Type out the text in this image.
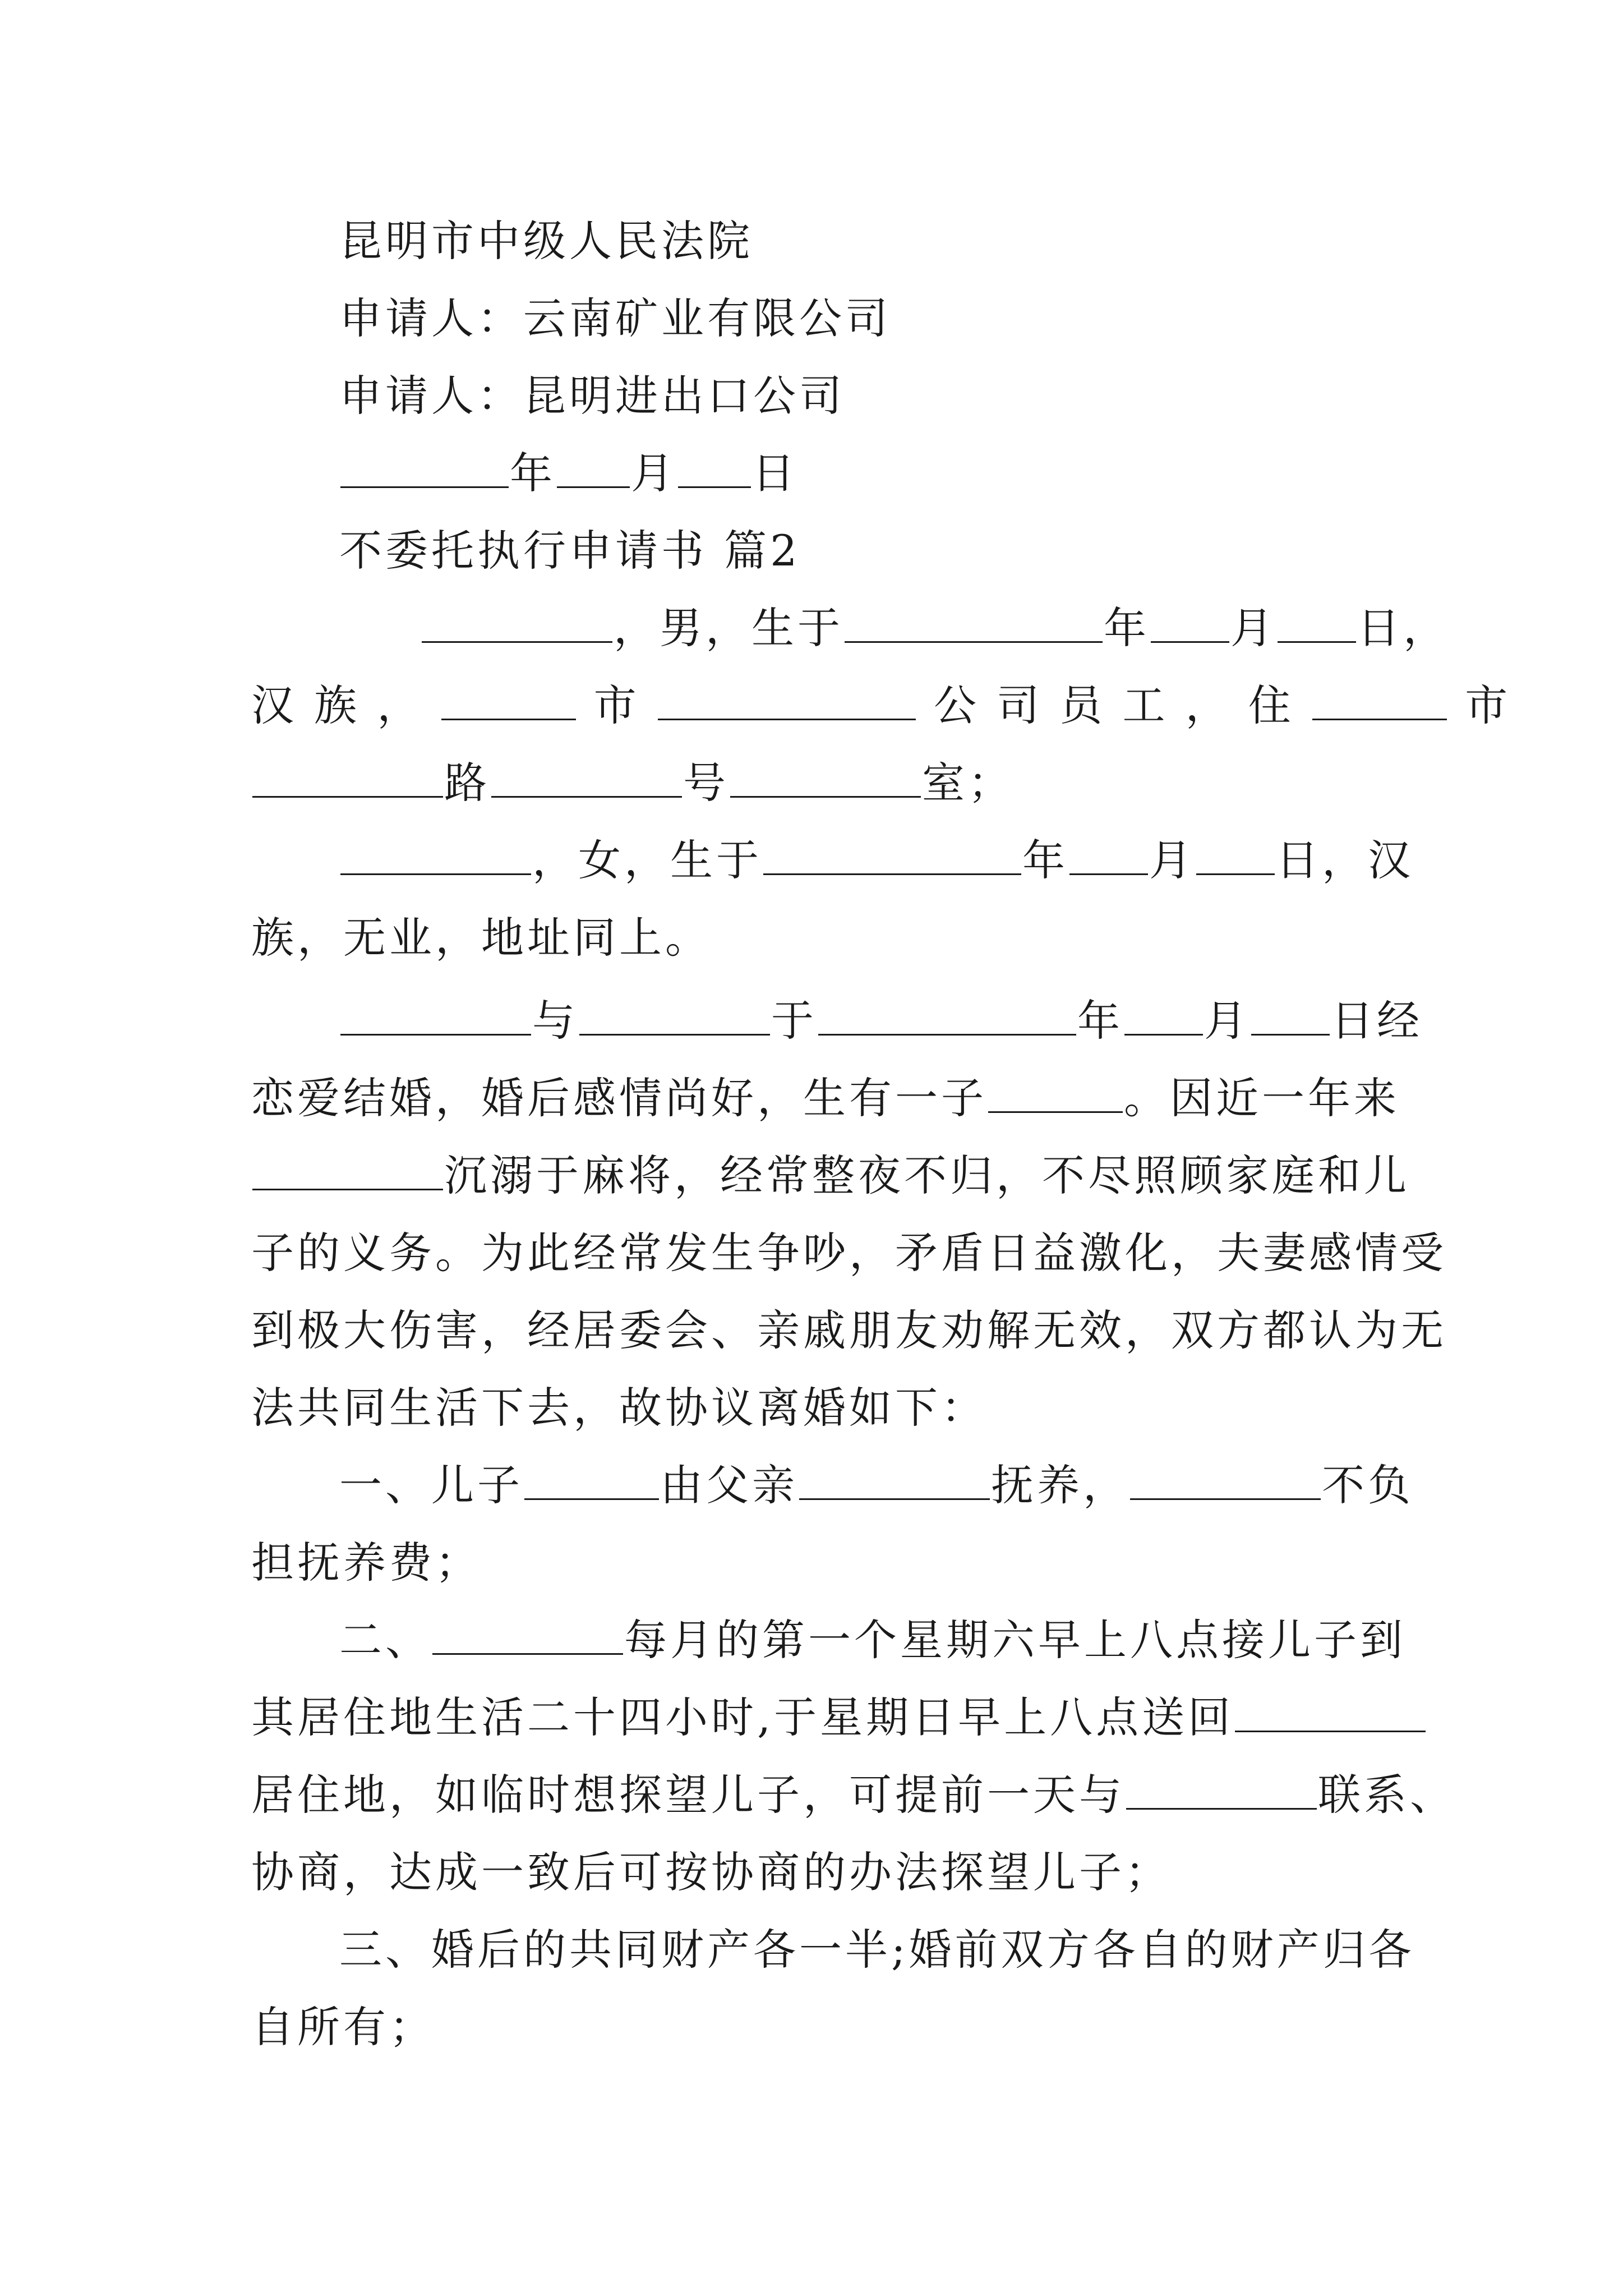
昆明市中级人民法院
申请人：云南矿业有限公司
申请人：昆明进出口公司
年 月 日
不委托执行申请书 篇2
，男，生于	年 月 日，
汉 族 ，	市	公 司 员 工 ， 住	市
路	号	室；
，女，生于	年 月 日，汉
族，无业，地址同上。
与	于	年 月 日经
恋爱结婚，婚后感情尚好，生有一子	。因近一年来
沉溺于麻将，经常整夜不归，不尽照顾家庭和儿
子的义务。为此经常发生争吵，矛盾日益激化，夫妻感情受
到极大伤害，经居委会、亲戚朋友劝解无效，双方都认为无
法共同生活下去，故协议离婚如下：
一、儿子	由父亲	抚养，	不负
担抚养费；
二、	每月的第一个星期六早上八点接儿子到
其居住地生活二十四小时,于星期日早上八点送回
居住地，如临时想探望儿子，可提前一天与	联系、
协商，达成一致后可按协商的办法探望儿子；
三、婚后的共同财产各一半;婚前双方各自的财产归各
自所有；
